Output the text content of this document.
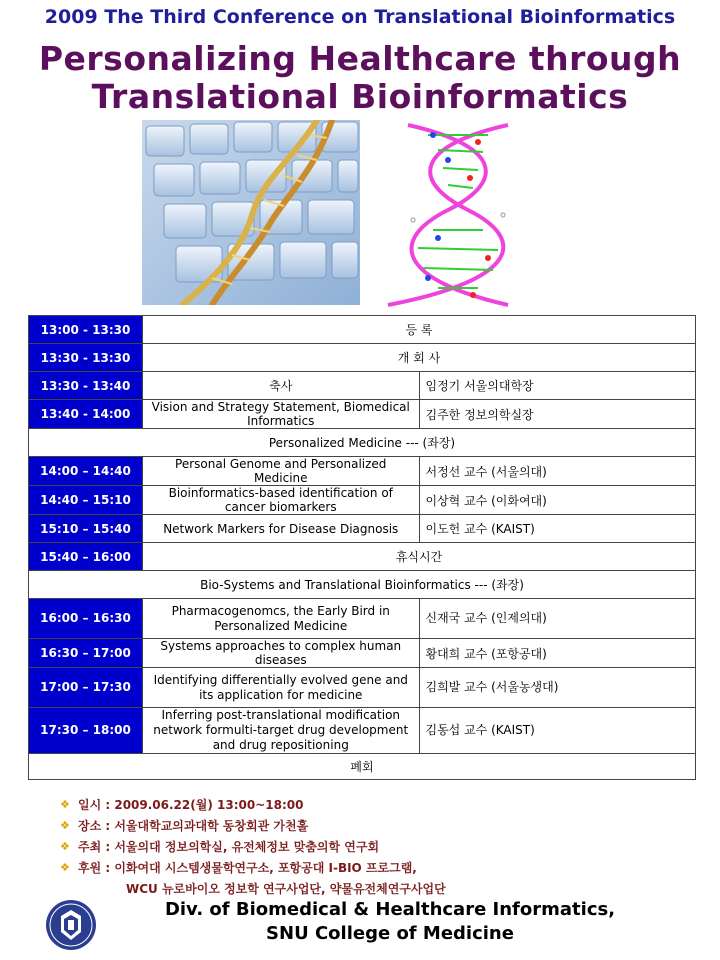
2009 The Third Conference on Translational Bioinformatics
Personalizing Healthcare through
Translational Bioinformatics
13:00 - 13:30	등 록	
13:30 - 13:30	개 회 사	
13:30 - 13:40	축사	임정기 서울의대학장
13:40 - 14:00	Vision and Strategy Statement, Biomedical Informatics	김주한 정보의학실장
Personalized Medicine --- (좌장)		
14:00 – 14:40	Personal Genome and Personalized Medicine	서정선 교수 (서울의대)
14:40 – 15:10	Bioinformatics-based identification of cancer biomarkers	이상혁 교수 (이화여대)
15:10 – 15:40	Network Markers for Disease Diagnosis	이도헌 교수 (KAIST)
15:40 – 16:00	휴식시간	
Bio-Systems and Translational Bioinformatics --- (좌장)		
16:00 – 16:30	Pharmacogenomcs, the Early Bird in Personalized Medicine	신재국 교수 (인제의대)
16:30 – 17:00	Systems approaches to complex human diseases	황대희 교수 (포항공대)
17:00 – 17:30	Identifying differentially evolved gene and its application for medicine	김희발 교수 (서울농생대)
17:30 – 18:00	Inferring post-translational modification network formulti-target drug development and drug repositioning	김동섭 교수 (KAIST)
폐회		
❖ 일시 : 2009.06.22(월) 13:00~18:00
❖ 장소 : 서울대학교의과대학 동창회관 가천홀
❖ 주최 : 서울의대 정보의학실, 유전체정보 맞춤의학 연구회
❖ 후원 : 이화여대 시스템생물학연구소, 포항공대 I-BIO 프로그램,
WCU 뉴로바이오 정보학 연구사업단, 약물유전체연구사업단
Div. of Biomedical & Healthcare Informatics,
SNU College of Medicine
